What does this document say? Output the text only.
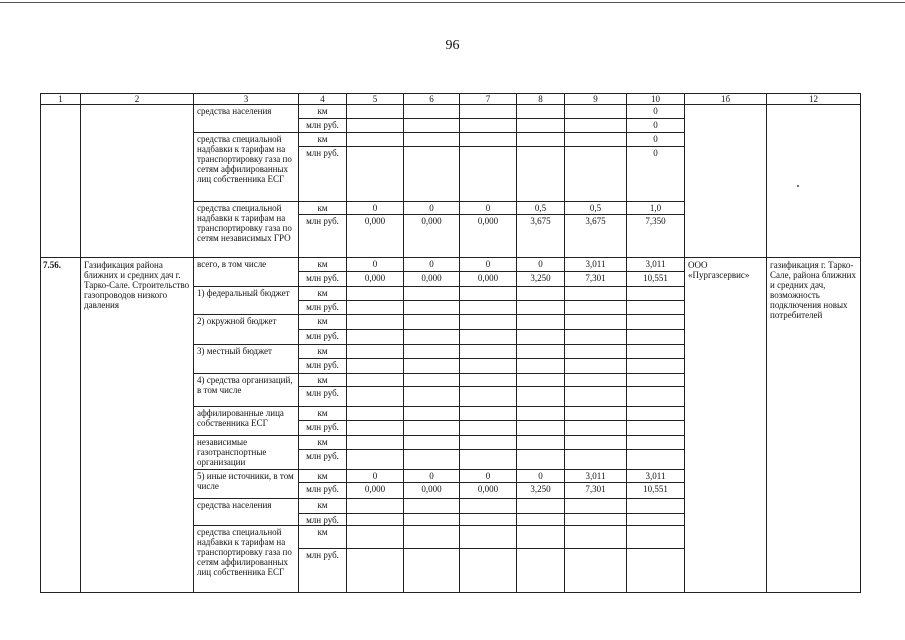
96
1	2	3	4	5	6	7	8	9	10	1б	12
		средства населения	км						0		
			млн руб.						0		
		средства специальной надбавки к тарифам на транспортировку газа по сетям аффилированных лиц собственника ЕСГ	км						0		
			млн руб.						0		
		средства специальной надбавки к тарифам на транспортировку газа по сетям независимых ГРО	км	0	0	0	0,5	0,5	1,0		
			млн руб.	0,000	0,000	0,000	3,675	3,675	7,350		
7.56.	Газификация района ближних и средних дач г. Тарко-Сале. Строительство газопроводов низкого давления	всего, в том числе	км	0	0	0	0	3,011	3,011	ООО «Пургазсервис»	газификация г. Тарко-Сале, района ближних и средних дач, возможность подключения новых потребителей
			млн руб.	0,000	0,000	0,000	3,250	7,301	10,551		
		1) федеральный бюджет	км								
			млн руб.								
		2) окружной бюджет	км								
			млн руб.								
		3) местный бюджет	км								
			млн руб.								
		4) средства организаций, в том числе	км								
			млн руб.								
		аффилированные лица собственника ЕСГ	км								
			млн руб.								
		независимые газотранспортные организации	км								
			млн руб.								
		5) иные источники, в том числе	км	0	0	0	0	3,011	3,011		
			млн руб.	0,000	0,000	0,000	3,250	7,301	10,551		
		средства населения	км								
			млн руб.								
		средства специальной надбавки к тарифам на транспортировку газа по сетям аффилированных лиц собственника ЕСГ	км								
			млн руб.								
